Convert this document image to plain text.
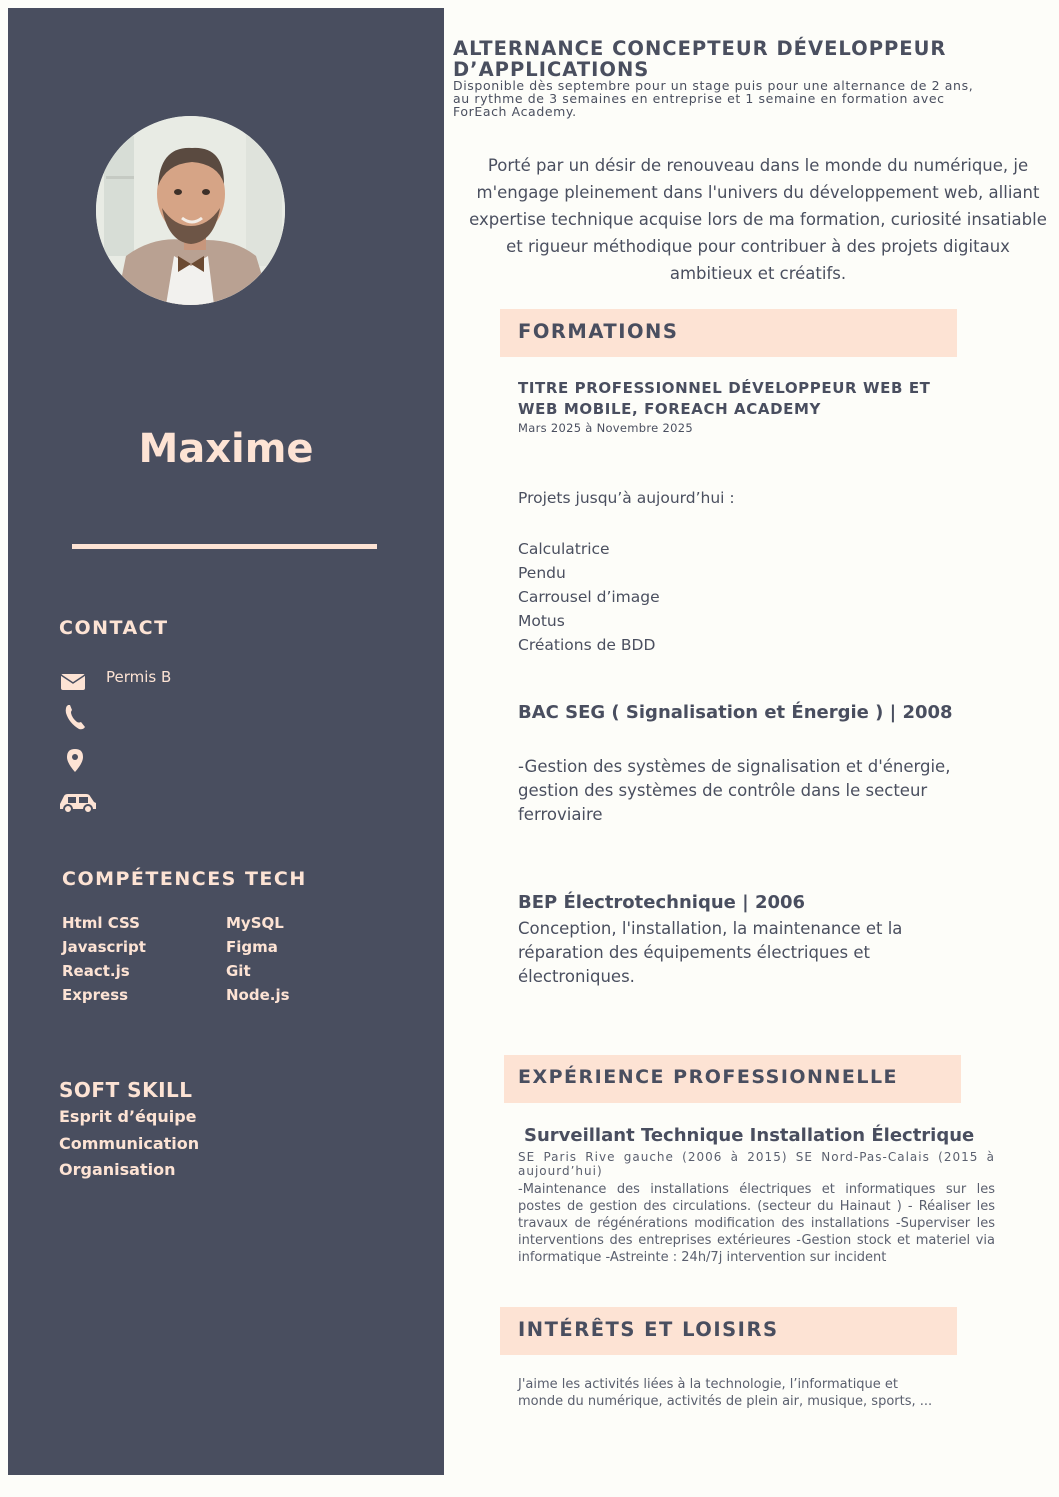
Maxime
CONTACT
Permis B
COMPÉTENCES TECH
Html CSS
Javascript
React.js
Express
MySQL
Figma
Git
Node.js
SOFT SKILL
Esprit d’équipe
Communication
Organisation
ALTERNANCE CONCEPTEUR DÉVELOPPEUR
D’APPLICATIONS
Disponible dès septembre pour un stage puis pour une alternance de 2 ans,
au rythme de 3 semaines en entreprise et 1 semaine en formation avec
ForEach Academy.
Porté par un désir de renouveau dans le monde du numérique, je
m'engage pleinement dans l'univers du développement web, alliant
expertise technique acquise lors de ma formation, curiosité insatiable
et rigueur méthodique pour contribuer à des projets digitaux
ambitieux et créatifs.
FORMATIONS
TITRE PROFESSIONNEL DÉVELOPPEUR WEB ET
WEB MOBILE, FOREACH ACADEMY
Mars 2025 à Novembre 2025
Projets jusqu’à aujourd’hui :
Calculatrice
Pendu
Carrousel d’image
Motus
Créations de BDD
BAC SEG ( Signalisation et Énergie ) | 2008
-Gestion des systèmes de signalisation et d'énergie,
gestion des systèmes de contrôle dans le secteur
ferroviaire
BEP Électrotechnique | 2006
Conception, l'installation, la maintenance et la
réparation des équipements électriques et
électroniques.
EXPÉRIENCE PROFESSIONNELLE
Surveillant Technique Installation Électrique
SE Paris Rive gauche (2006 à 2015) SE Nord-Pas-Calais (2015 à aujourd’hui)
-Maintenance des installations électriques et informatiques sur les postes de gestion des circulations. (secteur du Hainaut ) - Réaliser les travaux de régénérations modification des installations -Superviser les interventions des entreprises extérieures -Gestion stock et materiel via informatique -Astreinte : 24h/7j intervention sur incident
INTÉRÊTS ET LOISIRS
J'aime les activités liées à la technologie, l’informatique et
monde du numérique, activités de plein air, musique, sports, ...
